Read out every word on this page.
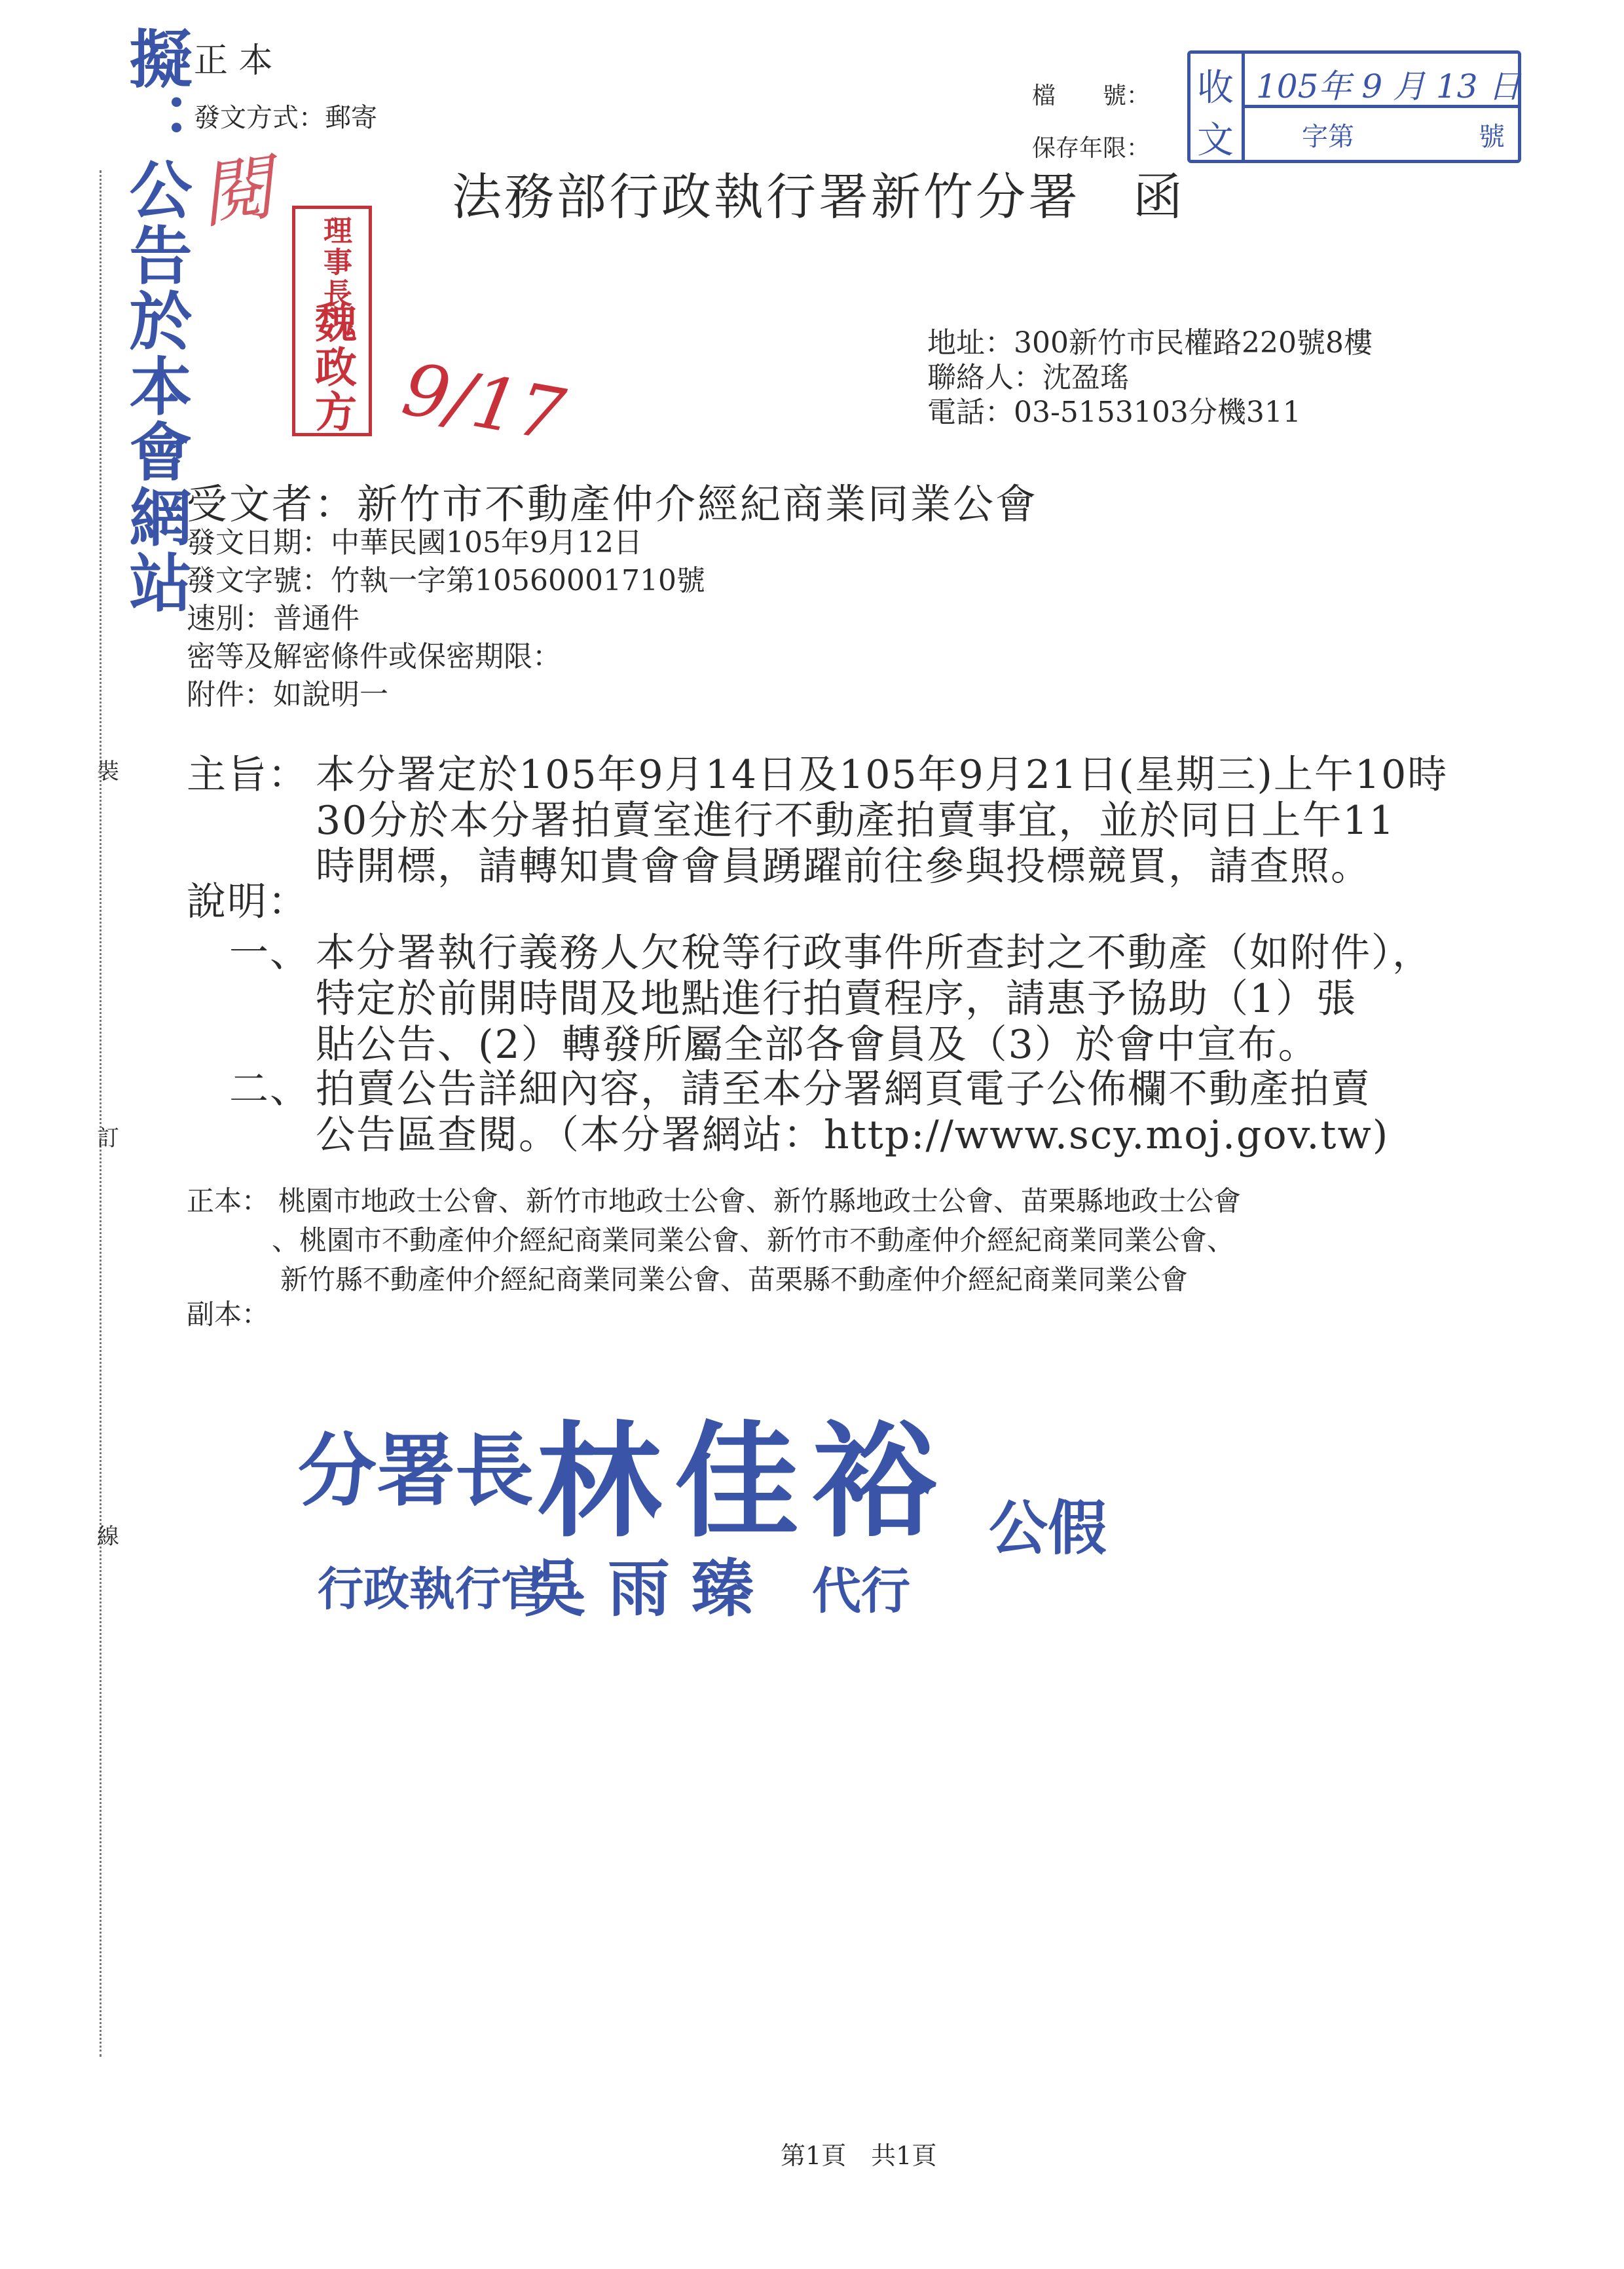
擬：公告於本會網站
裝
訂
線
正 本
發文方式：郵寄
閱
理事長
魏政方 9/17
檔　　號：
保存年限：
收
文
105年 9 月 13 日
字第	號
法務部行政執行署新竹分署　函
地址：300新竹市民權路220號8樓
聯絡人：沈盈瑤
電話：03-5153103分機311
受文者：新竹市不動產仲介經紀商業同業公會
發文日期：中華民國105年9月12日
發文字號：竹執一字第10560001710號
速別：普通件
密等及解密條件或保密期限：
附件：如說明一
主旨： 本分署定於105年9月14日及105年9月21日(星期三)上午10時
30分於本分署拍賣室進行不動產拍賣事宜，並於同日上午11
時開標，請轉知貴會會員踴躍前往參與投標競買，請查照。
說明：
一、 本分署執行義務人欠稅等行政事件所查封之不動產（如附件），
特定於前開時間及地點進行拍賣程序，請惠予協助（1）張
貼公告、(2）轉發所屬全部各會員及（3）於會中宣布。
二、 拍賣公告詳細內容，請至本分署網頁電子公佈欄不動產拍賣
公告區查閱。（本分署網站：http://www.scy.moj.gov.tw)
正本： 桃園市地政士公會、新竹市地政士公會、新竹縣地政士公會、苗栗縣地政士公會
、桃園市不動產仲介經紀商業同業公會、新竹市不動產仲介經紀商業同業公會、
新竹縣不動產仲介經紀商業同業公會、苗栗縣不動產仲介經紀商業同業公會
副本：
分署長 林佳裕 公假
行政執行官
吳 雨 臻 代行
第1頁　共1頁
